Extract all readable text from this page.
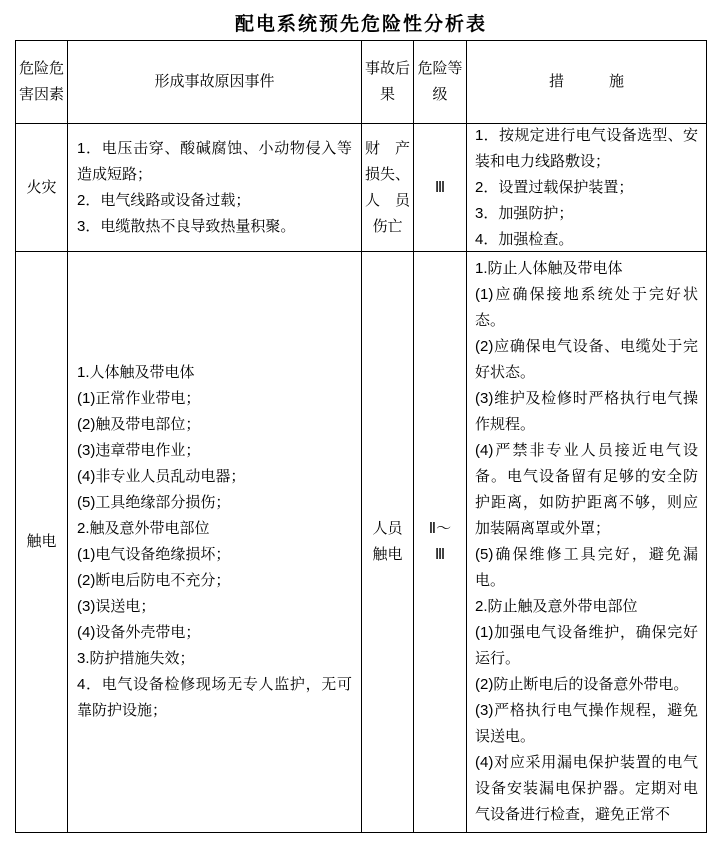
配电系统预先危险性分析表
危险危害因素
形成事故原因事件
事故后果
危险等级
措　　　施
火灾
1．电压击穿、酸碱腐蚀、小动物侵入等造成短路；
2．电气线路或设备过载；
3．电缆散热不良导致热量积聚。
财　产
损失、
人　员
伤亡
Ⅲ
1．按规定进行电气设备选型、安装和电力线路敷设；
2．设置过载保护装置；
3．加强防护；
4．加强检查。
触电
1.人体触及带电体
(1)正常作业带电；
(2)触及带电部位；
(3)违章带电作业；
(4)非专业人员乱动电器；
(5)工具绝缘部分损伤；
2.触及意外带电部位
(1)电气设备绝缘损坏；
(2)断电后防电不充分；
(3)误送电；
(4)设备外壳带电；
3.防护措施失效；
4．电气设备检修现场无专人监护，无可靠防护设施；
人员
触电
Ⅱ～
Ⅲ
1.防止人体触及带电体
(1)应确保接地系统处于完好状态。
(2)应确保电气设备、电缆处于完好状态。
(3)维护及检修时严格执行电气操作规程。
(4)严禁非专业人员接近电气设备。电气设备留有足够的安全防护距离，如防护距离不够，则应加装隔离罩或外罩；
(5)确保维修工具完好，避免漏电。
2.防止触及意外带电部位
(1)加强电气设备维护，确保完好运行。
(2)防止断电后的设备意外带电。
(3)严格执行电气操作规程，避免误送电。
(4)对应采用漏电保护装置的电气设备安装漏电保护器。定期对电气设备进行检查，避免正常不
